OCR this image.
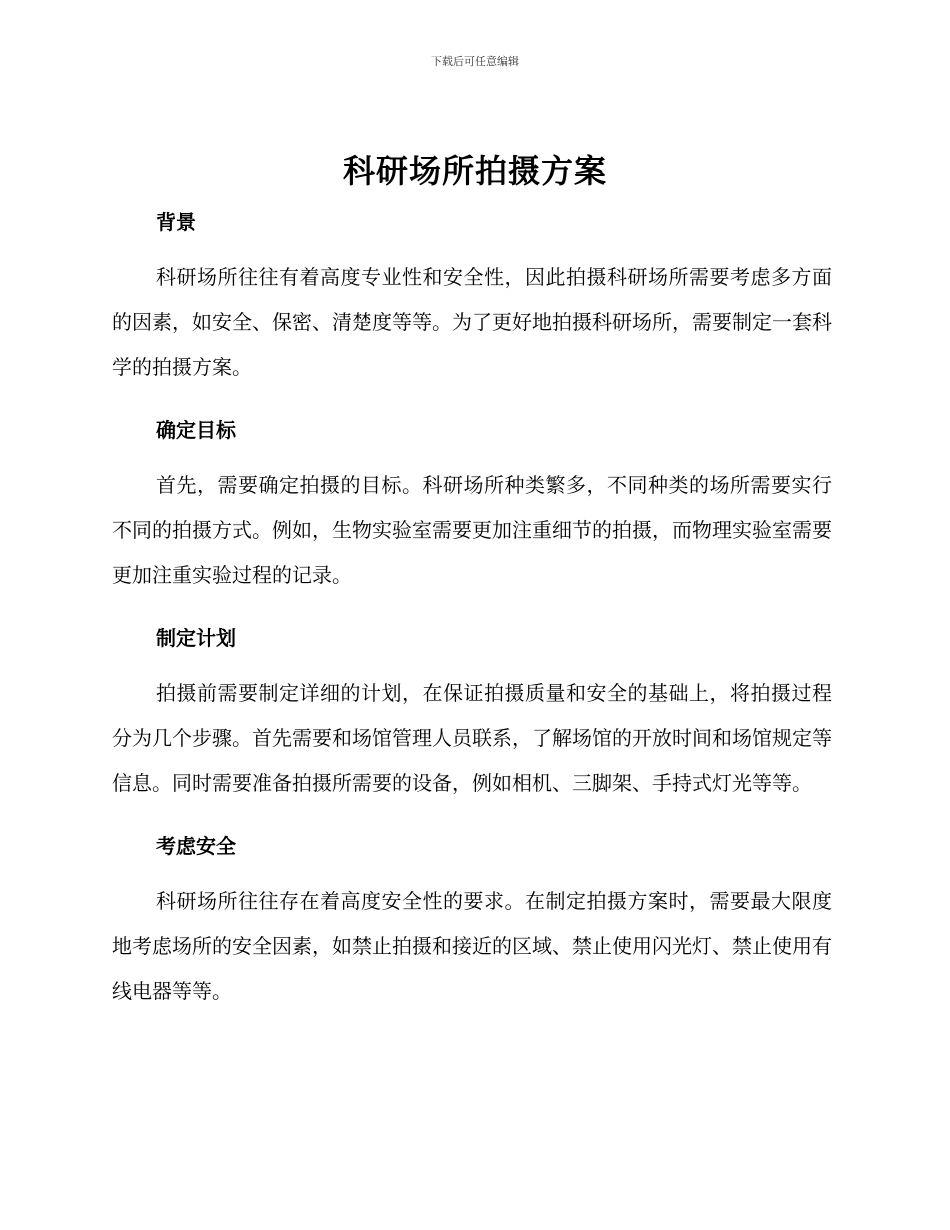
下载后可任意编辑
科研场所拍摄方案
背景

科研场所往往有着高度专业性和安全性，因此拍摄科研场所需要考虑多方面的因素，如安全、保密、清楚度等等。为了更好地拍摄科研场所，需要制定一套科学的拍摄方案。

确定目标

首先，需要确定拍摄的目标。科研场所种类繁多，不同种类的场所需要实行不同的拍摄方式。例如，生物实验室需要更加注重细节的拍摄，而物理实验室需要更加注重实验过程的记录。

制定计划

拍摄前需要制定详细的计划，在保证拍摄质量和安全的基础上，将拍摄过程分为几个步骤。首先需要和场馆管理人员联系，了解场馆的开放时间和场馆规定等信息。同时需要准备拍摄所需要的设备，例如相机、三脚架、手持式灯光等等。

考虑安全

科研场所往往存在着高度安全性的要求。在制定拍摄方案时，需要最大限度地考虑场所的安全因素，如禁止拍摄和接近的区域、禁止使用闪光灯、禁止使用有线电器等等。
